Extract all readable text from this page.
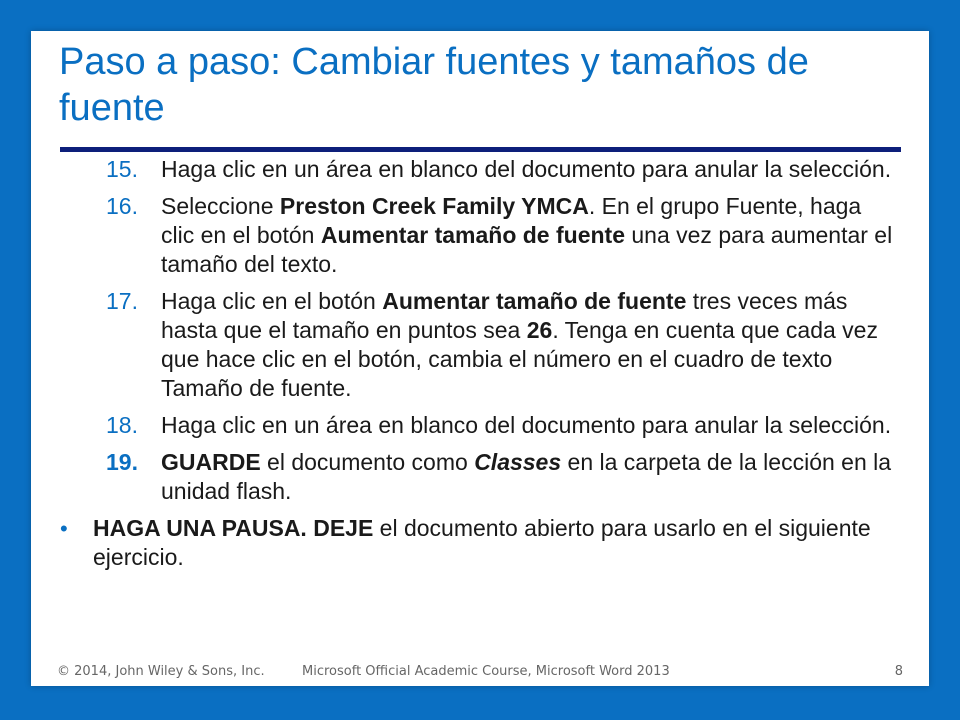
Paso a paso: Cambiar fuentes y tamaños de fuente
15. Haga clic en un área en blanco del documento para anular la selección.
16. Seleccione Preston Creek Family YMCA. En el grupo Fuente, haga clic en el botón Aumentar tamaño de fuente una vez para aumentar el tamaño del texto.
17. Haga clic en el botón Aumentar tamaño de fuente tres veces más hasta que el tamaño en puntos sea 26. Tenga en cuenta que cada vez que hace clic en el botón, cambia el número en el cuadro de texto Tamaño de fuente.
18. Haga clic en un área en blanco del documento para anular la selección.
19. GUARDE el documento como Classes en la carpeta de la lección en la unidad flash.
• HAGA UNA PAUSA. DEJE el documento abierto para usarlo en el siguiente ejercicio.
© 2014, John Wiley & Sons, Inc.	Microsoft Official Academic Course, Microsoft Word 2013	8
